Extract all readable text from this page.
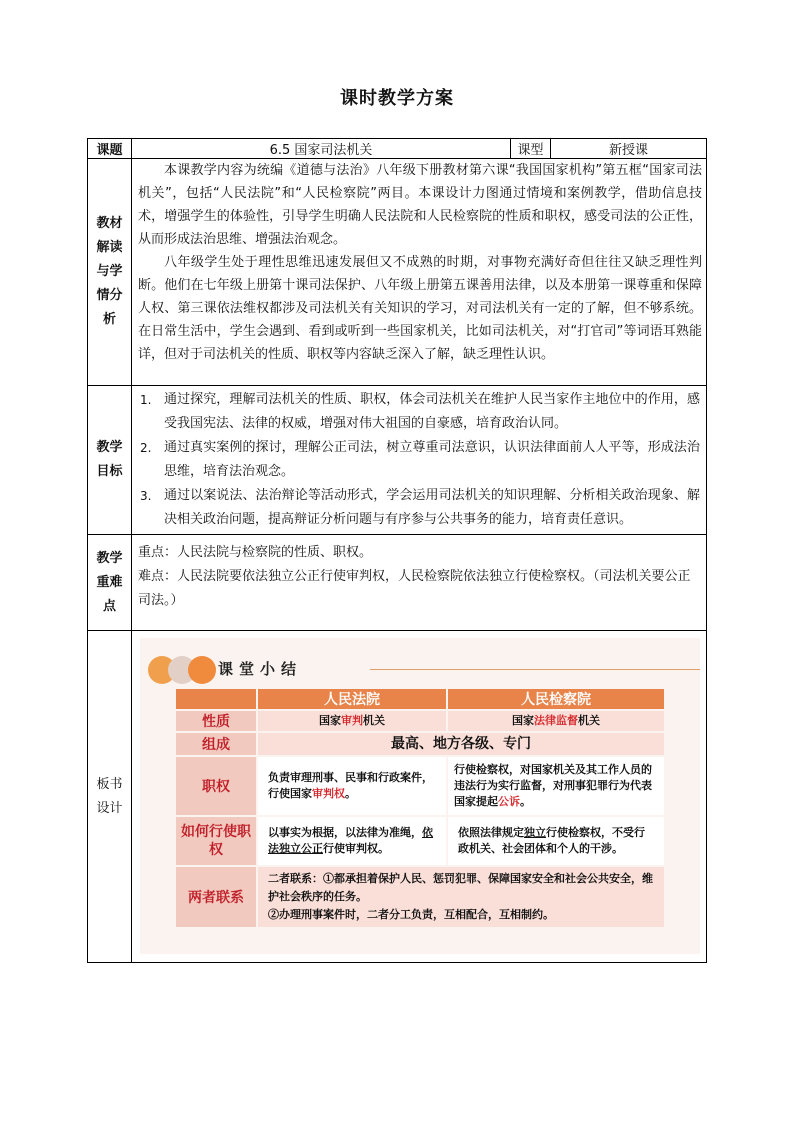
课时教学方案
课题	6.5 国家司法机关	课型	新授课

教材
解读
与学
情分
析

本课教学内容为统编《道德与法治》八年级下册教材第六课“我国国家机构”第五框“国家司法机关”，包括“人民法院”和“人民检察院”两目。本课设计力图通过情境和案例教学，借助信息技术，增强学生的体验性，引导学生明确人民法院和人民检察院的性质和职权，感受司法的公正性，从而形成法治思维、增强法治观念。

八年级学生处于理性思维迅速发展但又不成熟的时期，对事物充满好奇但往往又缺乏理性判断。他们在七年级上册第十课司法保护、八年级上册第五课善用法律，以及本册第一课尊重和保障人权、第三课依法维权都涉及司法机关有关知识的学习，对司法机关有一定的了解，但不够系统。在日常生活中，学生会遇到、看到或听到一些国家机关，比如司法机关，对“打官司”等词语耳熟能详，但对于司法机关的性质、职权等内容缺乏深入了解，缺乏理性认识。

教学
目标

1. 通过探究，理解司法机关的性质、职权，体会司法机关在维护人民当家作主地位中的作用，感受我国宪法、法律的权威，增强对伟大祖国的自豪感，培育政治认同。
2. 通过真实案例的探讨，理解公正司法，树立尊重司法意识，认识法律面前人人平等，形成法治思维，培育法治观念。
3. 通过以案说法、法治辩论等活动形式，学会运用司法机关的知识理解、分析相关政治现象、解决相关政治问题，提高辩证分析问题与有序参与公共事务的能力，培育责任意识。

教学
重难
点

重点：人民法院与检察院的性质、职权。

难点：人民法院要依法独立公正行使审判权，人民检察院依法独立行使检察权。（司法机关要公正司法。）

板书
设计

课堂小结
	人民法院	人民检察院
性质	国家审判机关	国家法律监督机关
组成	最高、地方各级、专门
职权	负责审理刑事、民事和行政案件，行使国家审判权。	行使检察权，对国家机关及其工作人员的违法行为实行监督，对刑事犯罪行为代表国家提起公诉。
如何行使职权	以事实为根据，以法律为准绳，依法独立公正行使审判权。	依照法律规定独立行使检察权，不受行政机关、社会团体和个人的干涉。
两者联系	
二者联系：①都承担着保护人民、惩罚犯罪、保障国家安全和社会公共安全，维护社会秩序的任务。
②办理刑事案件时，二者分工负责，互相配合，互相制约。
